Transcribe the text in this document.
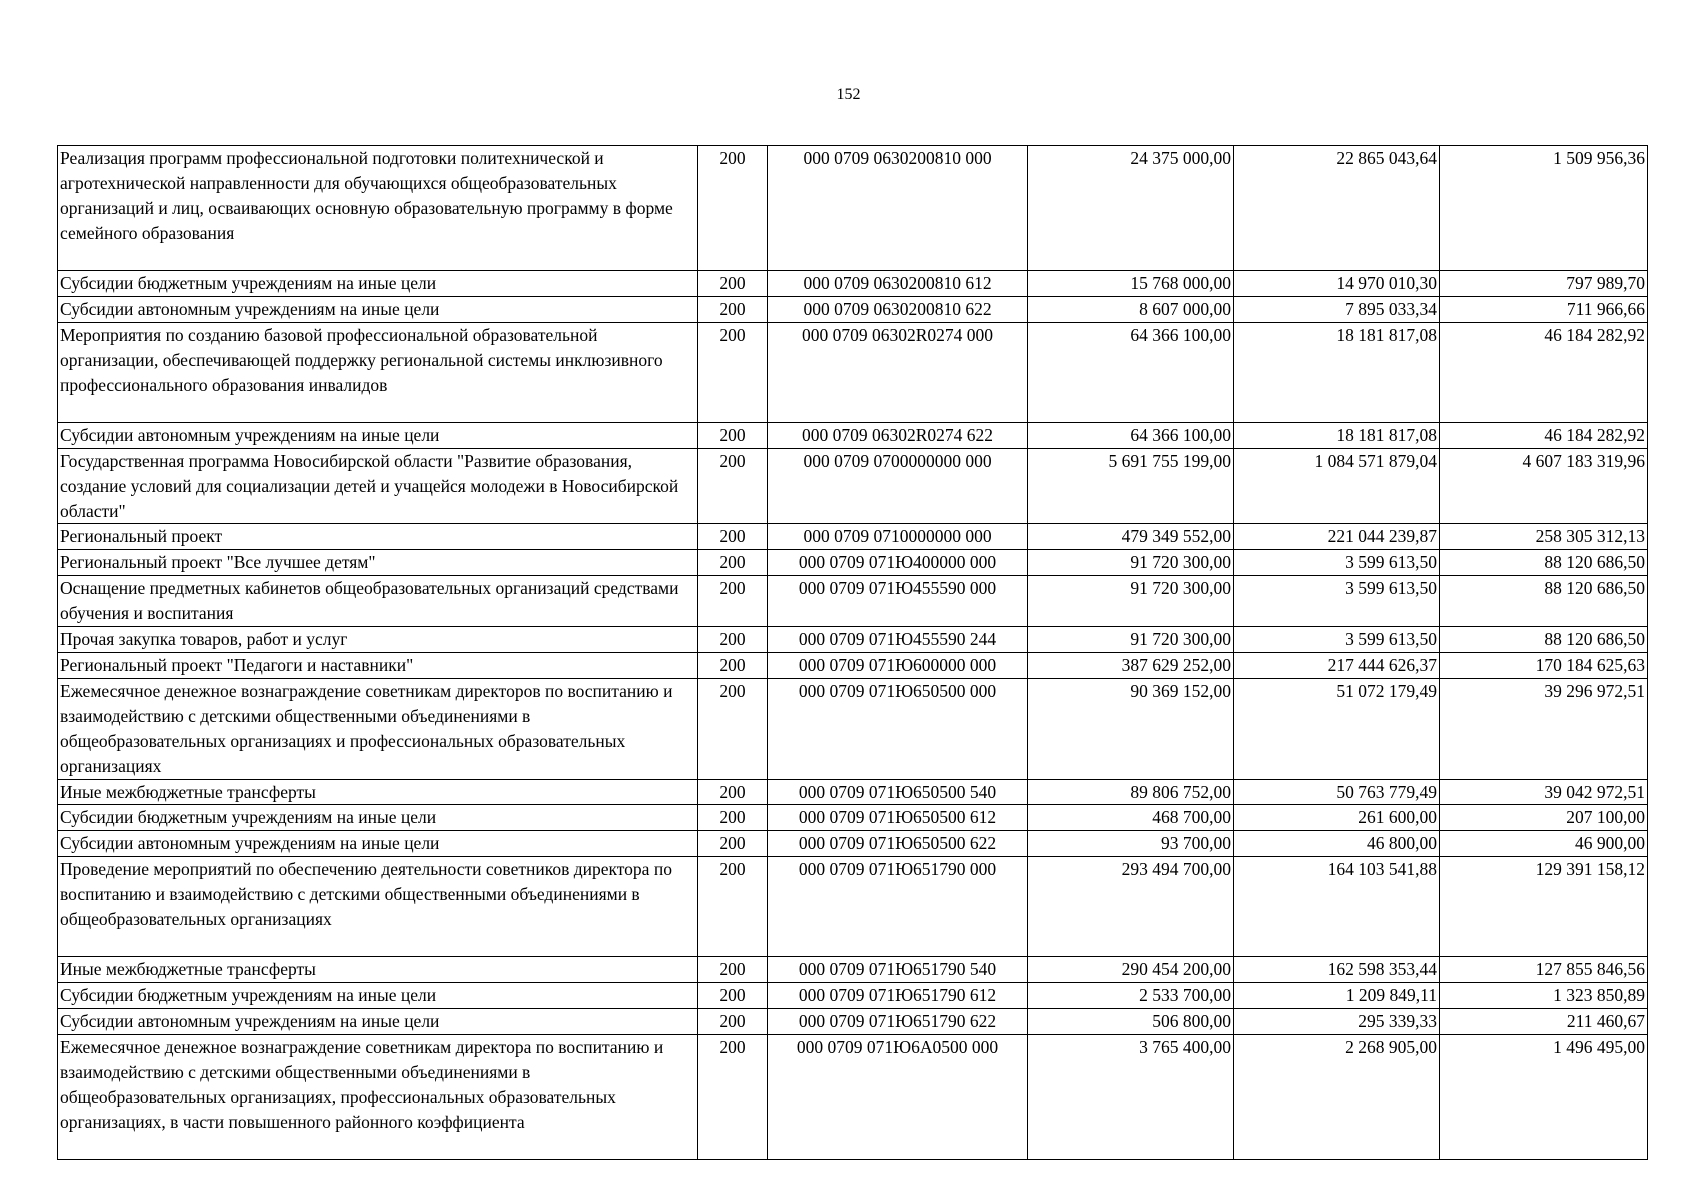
152
Реализация программ профессиональной подготовки политехнической и агротехнической направленности для обучающихся общеобразовательных организаций и лиц, осваивающих основную образовательную программу в форме семейного образования	200	000 0709 0630200810 000	24 375 000,00	22 865 043,64	1 509 956,36
Субсидии бюджетным учреждениям на иные цели	200	000 0709 0630200810 612	15 768 000,00	14 970 010,30	797 989,70
Субсидии автономным учреждениям на иные цели	200	000 0709 0630200810 622	8 607 000,00	7 895 033,34	711 966,66
Мероприятия по созданию базовой профессиональной образовательной организации, обеспечивающей поддержку региональной системы инклюзивного профессионального образования инвалидов	200	000 0709 06302R0274 000	64 366 100,00	18 181 817,08	46 184 282,92
Субсидии автономным учреждениям на иные цели	200	000 0709 06302R0274 622	64 366 100,00	18 181 817,08	46 184 282,92
Государственная программа Новосибирской области "Развитие образования, создание условий для социализации детей и учащейся молодежи в Новосибирской области"	200	000 0709 0700000000 000	5 691 755 199,00	1 084 571 879,04	4 607 183 319,96
Региональный проект	200	000 0709 0710000000 000	479 349 552,00	221 044 239,87	258 305 312,13
Региональный проект "Все лучшее детям"	200	000 0709 071Ю400000 000	91 720 300,00	3 599 613,50	88 120 686,50
Оснащение предметных кабинетов общеобразовательных организаций средствами обучения и воспитания	200	000 0709 071Ю455590 000	91 720 300,00	3 599 613,50	88 120 686,50
Прочая закупка товаров, работ и услуг	200	000 0709 071Ю455590 244	91 720 300,00	3 599 613,50	88 120 686,50
Региональный проект "Педагоги и наставники"	200	000 0709 071Ю600000 000	387 629 252,00	217 444 626,37	170 184 625,63
Ежемесячное денежное вознаграждение советникам директоров по воспитанию и взаимодействию с детскими общественными объединениями в общеобразовательных организациях и профессиональных образовательных организациях	200	000 0709 071Ю650500 000	90 369 152,00	51 072 179,49	39 296 972,51
Иные межбюджетные трансферты	200	000 0709 071Ю650500 540	89 806 752,00	50 763 779,49	39 042 972,51
Субсидии бюджетным учреждениям на иные цели	200	000 0709 071Ю650500 612	468 700,00	261 600,00	207 100,00
Субсидии автономным учреждениям на иные цели	200	000 0709 071Ю650500 622	93 700,00	46 800,00	46 900,00
Проведение мероприятий по обеспечению деятельности советников директора по воспитанию и взаимодействию с детскими общественными объединениями в общеобразовательных организациях	200	000 0709 071Ю651790 000	293 494 700,00	164 103 541,88	129 391 158,12
Иные межбюджетные трансферты	200	000 0709 071Ю651790 540	290 454 200,00	162 598 353,44	127 855 846,56
Субсидии бюджетным учреждениям на иные цели	200	000 0709 071Ю651790 612	2 533 700,00	1 209 849,11	1 323 850,89
Субсидии автономным учреждениям на иные цели	200	000 0709 071Ю651790 622	506 800,00	295 339,33	211 460,67
Ежемесячное денежное вознаграждение советникам директора по воспитанию и взаимодействию с детскими общественными объединениями в общеобразовательных организациях, профессиональных образовательных организациях, в части повышенного районного коэффициента	200	000 0709 071Ю6А0500 000	3 765 400,00	2 268 905,00	1 496 495,00
